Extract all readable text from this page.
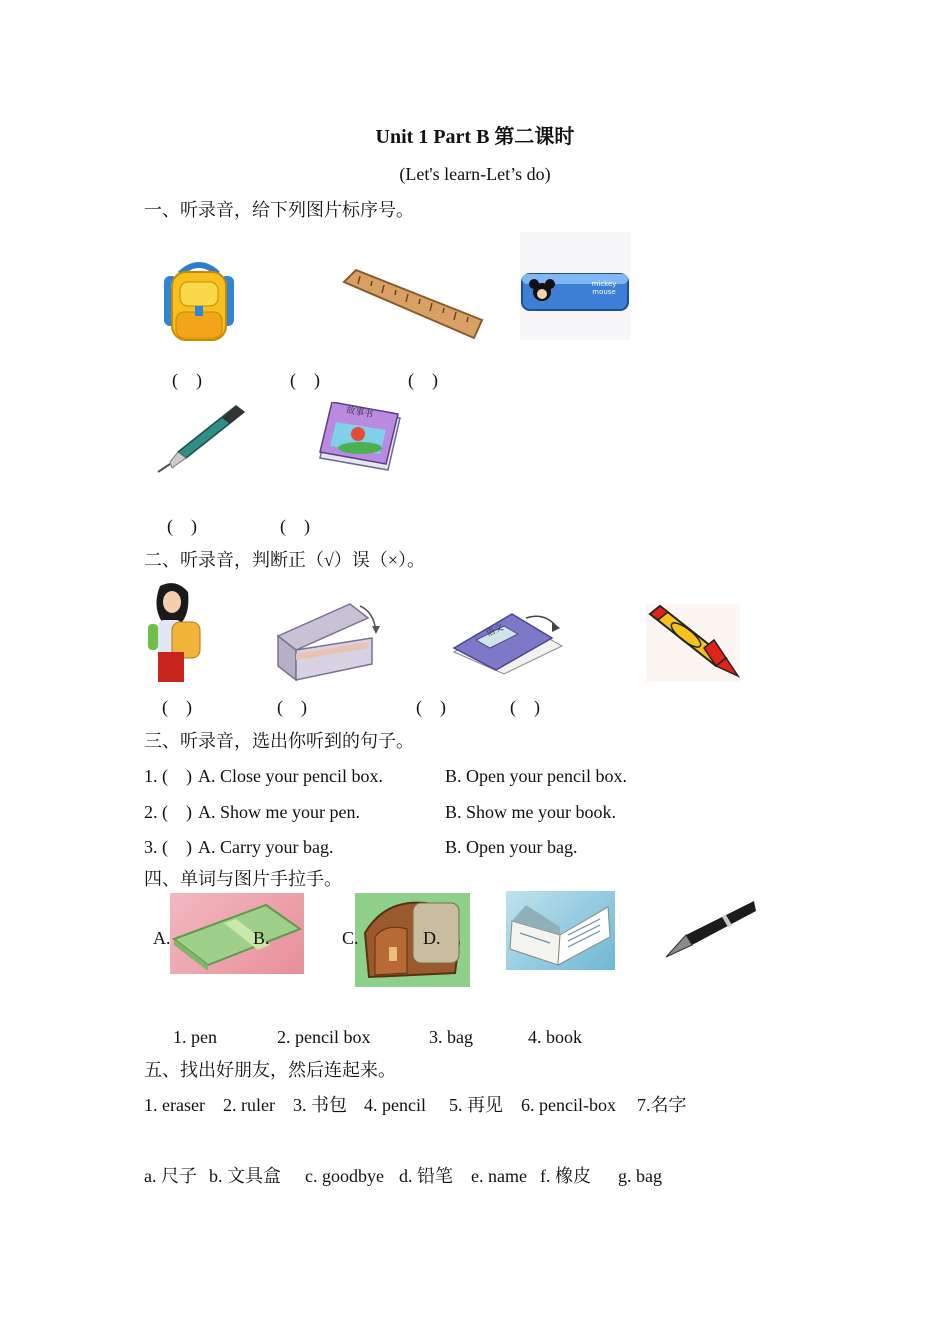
Unit 1 Part B 第二课时
(Let's learn-Let’s do)
一、听录音，给下列图片标序号。
mickey mouse
(    )	(    )	(    )
故事书
(    )	(    )
二、听录音，判断正（√）误（×）。
语文
(    )	(    )	(    )	(    )
三、听录音，选出你听到的句子。
1. (    ) A. Close your pencil box.	B. Open your pencil box.
2. (    ) A. Show me your pen.	B. Show me your book.
3. (    ) A. Carry your bag.	B. Open your bag.
四、单词与图片手拉手。
A.	B.	C.	D.
1. pen	2. pencil box	3. bag	4. book
五、找出好朋友，然后连起来。
1. eraser 2. ruler 3. 书包 4. pencil 5. 再见 6. pencil-box 7.名字
a. 尺子 b. 文具盒 c. goodbye d. 铅笔 e. name f. 橡皮 g. bag
